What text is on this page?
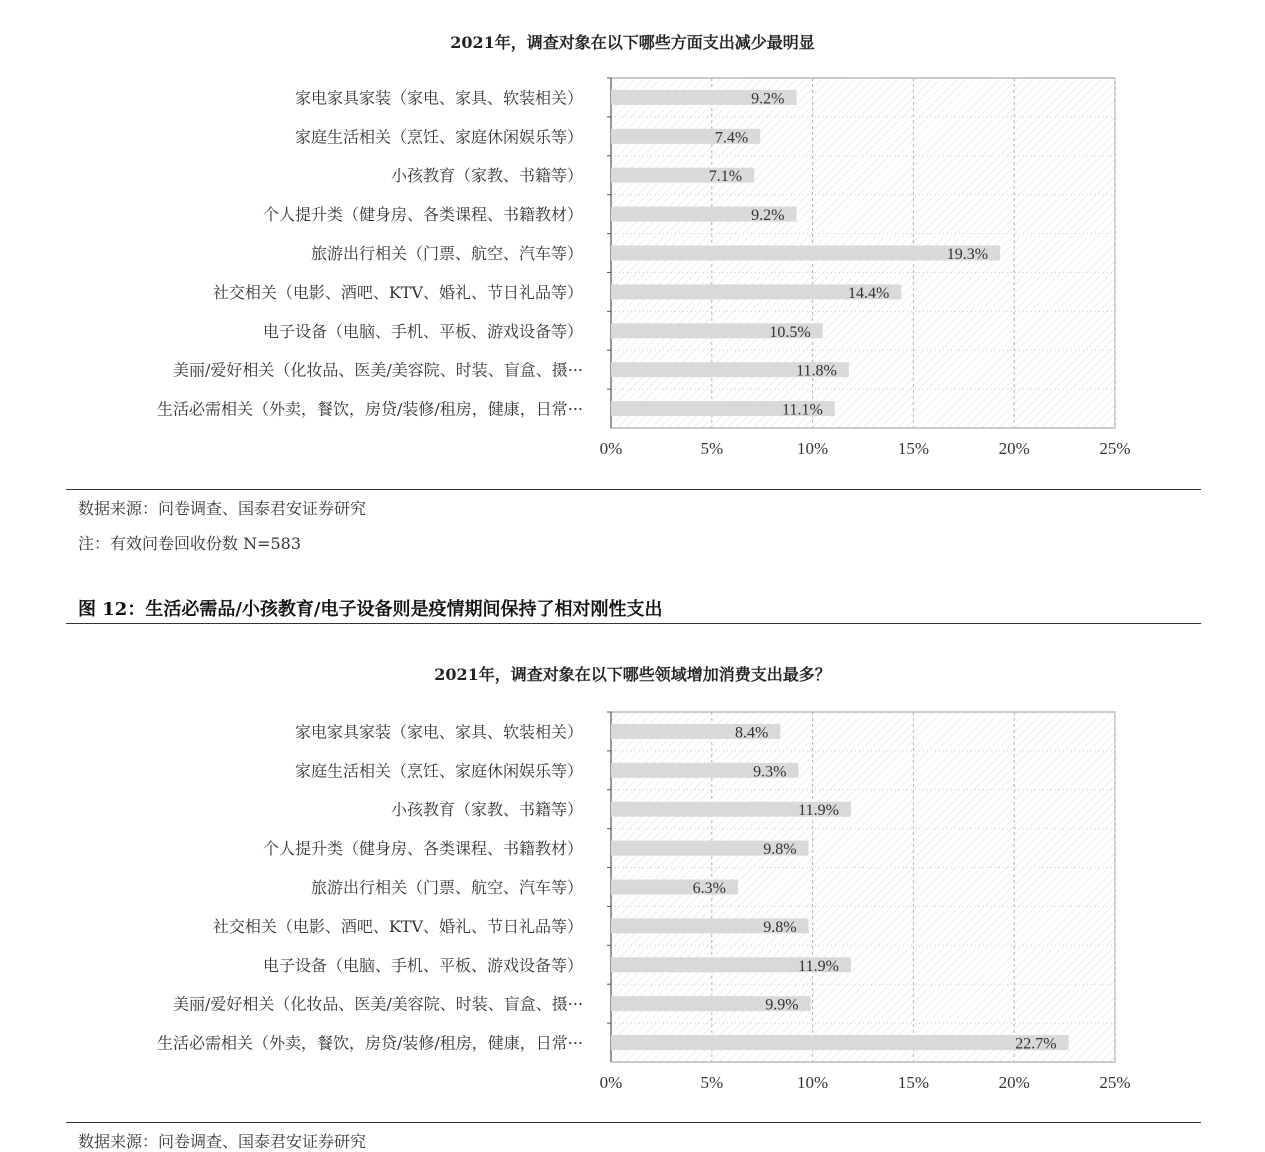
2021年，调查对象在以下哪些方面支出减少最明显
家电家具家装（家电、家具、软装相关）	9.2%
家庭生活相关（烹饪、家庭休闲娱乐等）	7.4%
小孩教育（家教、书籍等）	7.1%
个人提升类（健身房、各类课程、书籍教材）	9.2%
旅游出行相关（门票、航空、汽车等）	19.3%
社交相关（电影、酒吧、KTV、婚礼、节日礼品等）	14.4%
电子设备（电脑、手机、平板、游戏设备等）	10.5%
美丽/爱好相关（化妆品、医美/美容院、时装、盲盒、摄···	11.8%
生活必需相关（外卖，餐饮，房贷/装修/租房，健康，日常···	11.1%
0%	5%	10%	15%	20%	25%
数据来源：问卷调查、国泰君安证券研究
注：有效问卷回收份数 N=583
图 12：生活必需品/小孩教育/电子设备则是疫情期间保持了相对刚性支出
2021年，调查对象在以下哪些领域增加消费支出最多？
家电家具家装（家电、家具、软装相关）	8.4%
家庭生活相关（烹饪、家庭休闲娱乐等）	9.3%
小孩教育（家教、书籍等）	11.9%
个人提升类（健身房、各类课程、书籍教材）	9.8%
旅游出行相关（门票、航空、汽车等）	6.3%
社交相关（电影、酒吧、KTV、婚礼、节日礼品等）	9.8%
电子设备（电脑、手机、平板、游戏设备等）	11.9%
美丽/爱好相关（化妆品、医美/美容院、时装、盲盒、摄···	9.9%
生活必需相关（外卖，餐饮，房贷/装修/租房，健康，日常···	22.7%
0%	5%	10%	15%	20%	25%
数据来源：问卷调查、国泰君安证券研究
